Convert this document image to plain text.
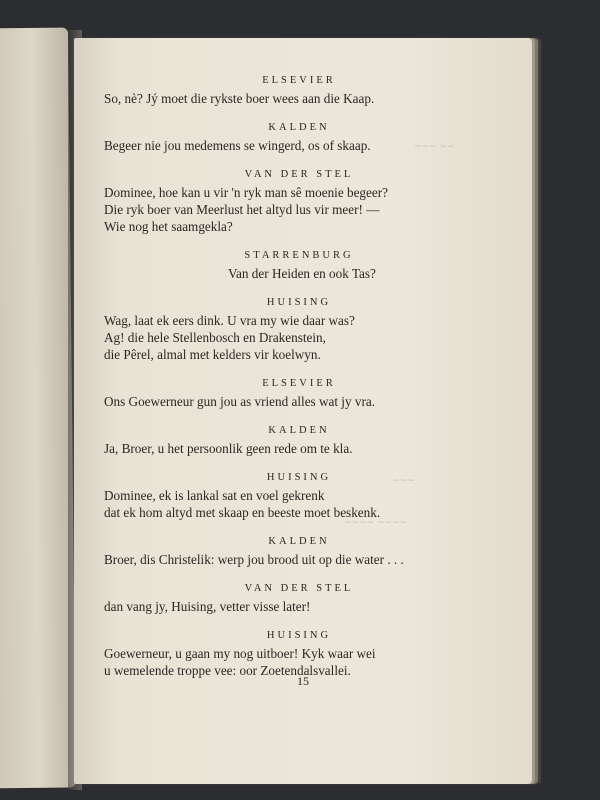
ELSEVIER
So, nè? Jý moet die rykste boer wees aan die Kaap.
KALDEN
Begeer nie jou medemens se wingerd, os of skaap.
VAN DER STEL
Dominee, hoe kan u vir 'n ryk man sê moenie begeer?
Die ryk boer van Meerlust het altyd lus vir meer! —
Wie nog het saamgekla?
STARRENBURG
Van der Heiden en ook Tas?
HUISING
Wag, laat ek eers dink. U vra my wie daar was?
Ag! die hele Stellenbosch en Drakenstein,
die Pêrel, almal met kelders vir koelwyn.
ELSEVIER
Ons Goewerneur gun jou as vriend alles wat jy vra.
KALDEN
Ja, Broer, u het persoonlik geen rede om te kla.
HUISING
Dominee, ek is lankal sat en voel gekrenk
dat ek hom altyd met skaap en beeste moet beskenk.
KALDEN
Broer, dis Christelik: werp jou brood uit op die water . . .
VAN DER STEL
dan vang jy, Huising, vetter visse later!
HUISING
Goewerneur, u gaan my nog uitboer! Kyk waar wei
u wemelende troppe vee: oor Zoetendalsvallei.
15
~~~ ~~
~~~
~~~~ ~~~~
